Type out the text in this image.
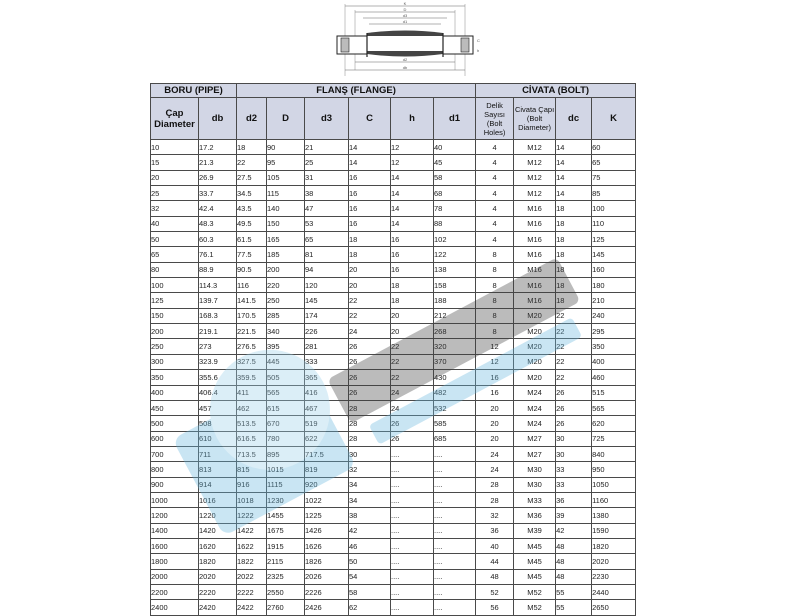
K
D
d3
d1
d2
db
C
h
BORU (PIPE)		FLANŞ (FLANGE)						CİVATA (BOLT)			
Çap Diameter	db	d2	D	d3	C	h	d1	Delik Sayısı (Bolt Holes)	Civata Çapı (Bolt Diameter)	dc	K
10	17.2	18	90	21	14	12	40	4	M12	14	60
15	21.3	22	95	25	14	12	45	4	M12	14	65
20	26.9	27.5	105	31	16	14	58	4	M12	14	75
25	33.7	34.5	115	38	16	14	68	4	M12	14	85
32	42.4	43.5	140	47	16	14	78	4	M16	18	100
40	48.3	49.5	150	53	16	14	88	4	M16	18	110
50	60.3	61.5	165	65	18	16	102	4	M16	18	125
65	76.1	77.5	185	81	18	16	122	8	M16	18	145
80	88.9	90.5	200	94	20	16	138	8	M16	18	160
100	114.3	116	220	120	20	18	158	8	M16	18	180
125	139.7	141.5	250	145	22	18	188	8	M16	18	210
150	168.3	170.5	285	174	22	20	212	8	M20	22	240
200	219.1	221.5	340	226	24	20	268	8	M20	22	295
250	273	276.5	395	281	26	22	320	12	M20	22	350
300	323.9	327.5	445	333	26	22	370	12	M20	22	400
350	355.6	359.5	505	365	26	22	430	16	M20	22	460
400	406.4	411	565	416	26	24	482	16	M24	26	515
450	457	462	615	467	28	24	532	20	M24	26	565
500	508	513.5	670	519	28	26	585	20	M24	26	620
600	610	616.5	780	622	28	26	685	20	M27	30	725
700	711	713.5	895	717.5	30	....	....	24	M27	30	840
800	813	815	1015	819	32	....	....	24	M30	33	950
900	914	916	1115	920	34	....	....	28	M30	33	1050
1000	1016	1018	1230	1022	34	....	....	28	M33	36	1160
1200	1220	1222	1455	1225	38	....	....	32	M36	39	1380
1400	1420	1422	1675	1426	42	....	....	36	M39	42	1590
1600	1620	1622	1915	1626	46	....	....	40	M45	48	1820
1800	1820	1822	2115	1826	50	....	....	44	M45	48	2020
2000	2020	2022	2325	2026	54	....	....	48	M45	48	2230
2200	2220	2222	2550	2226	58	....	....	52	M52	55	2440
2400	2420	2422	2760	2426	62	....	....	56	M52	55	2650
